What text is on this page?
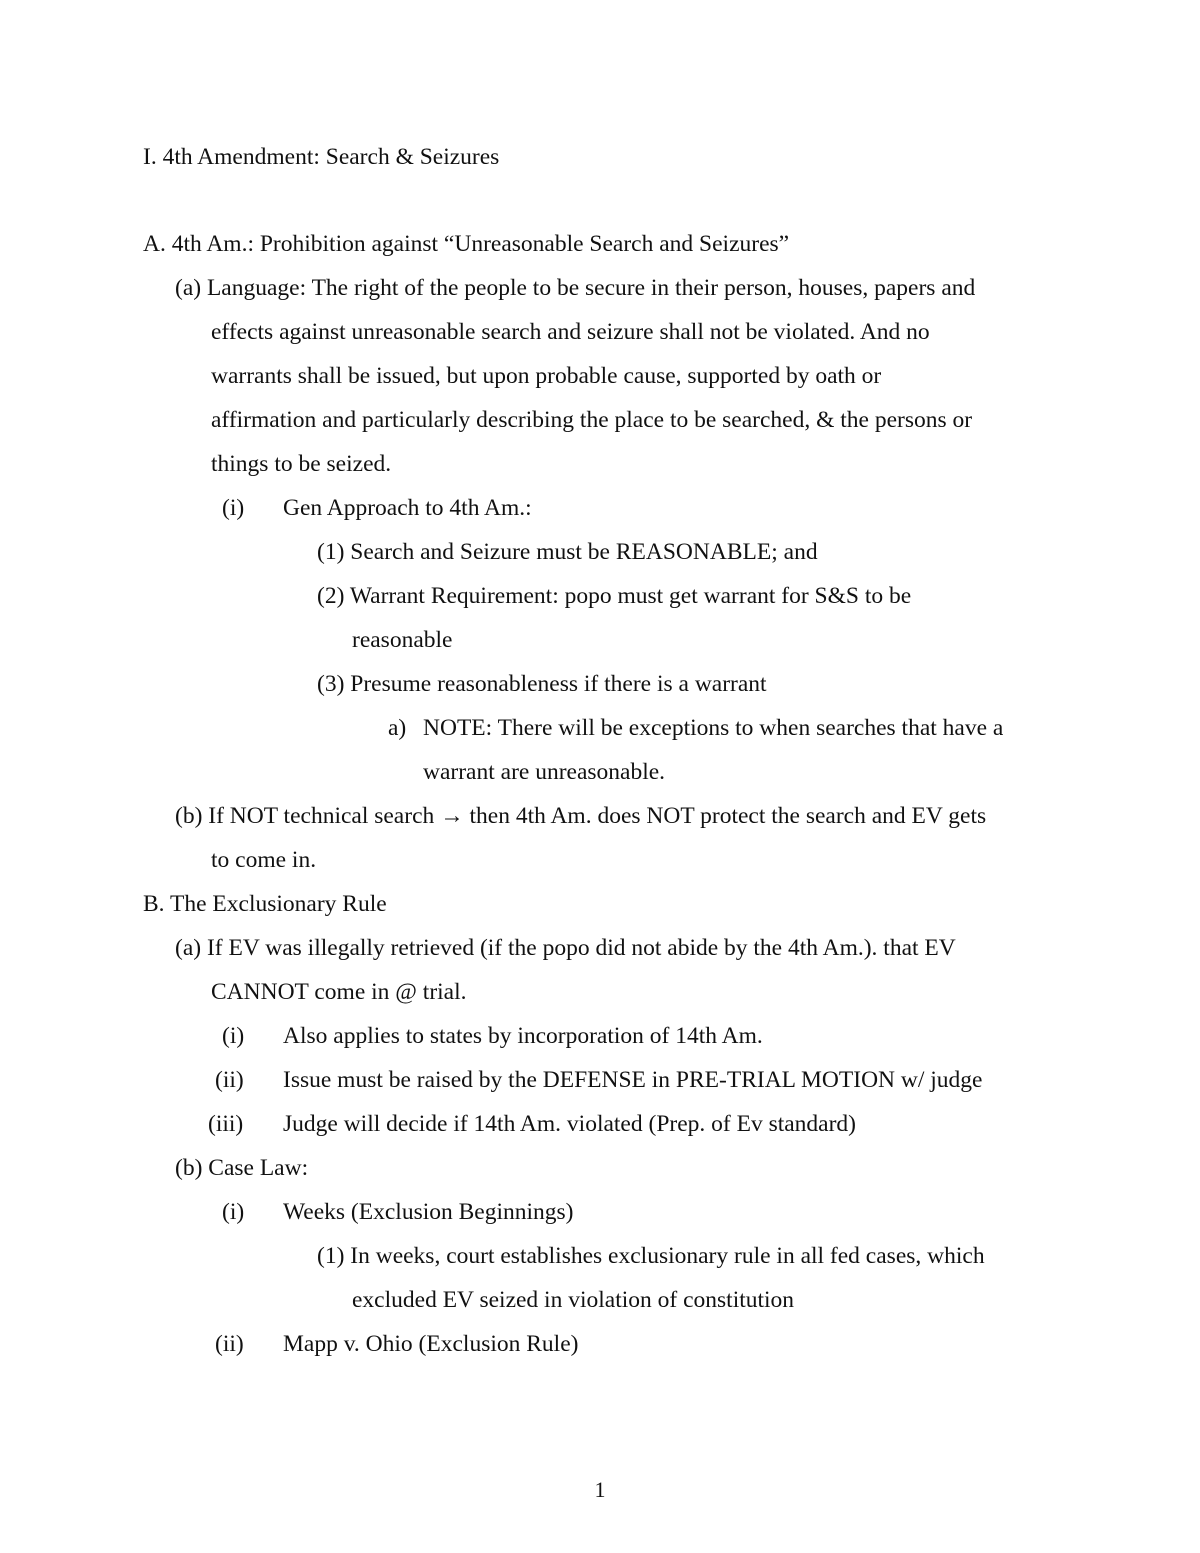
I. 4th Amendment: Search & Seizures

A. 4th Am.: Prohibition against “Unreasonable Search and Seizures”

(a) Language: The right of the people to be secure in their person, houses, papers and

effects against unreasonable search and seizure shall not be violated. And no

warrants shall be issued, but upon probable cause, supported by oath or

affirmation and particularly describing the place to be searched, & the persons or

things to be seized.

(i) Gen Approach to 4th Am.:

(1) Search and Seizure must be REASONABLE; and

(2) Warrant Requirement: popo must get warrant for S&S to be

reasonable

(3) Presume reasonableness if there is a warrant

a) NOTE: There will be exceptions to when searches that have a

warrant are unreasonable.

(b) If NOT technical search → then 4th Am. does NOT protect the search and EV gets

to come in.

B. The Exclusionary Rule

(a) If EV was illegally retrieved (if the popo did not abide by the 4th Am.). that EV

CANNOT come in @ trial.

(i) Also applies to states by incorporation of 14th Am.

(ii) Issue must be raised by the DEFENSE in PRE-TRIAL MOTION w/ judge

(iii) Judge will decide if 14th Am. violated (Prep. of Ev standard)

(b) Case Law:

(i) Weeks (Exclusion Beginnings)

(1) In weeks, court establishes exclusionary rule in all fed cases, which

excluded EV seized in violation of constitution

(ii) Mapp v. Ohio (Exclusion Rule)

1
